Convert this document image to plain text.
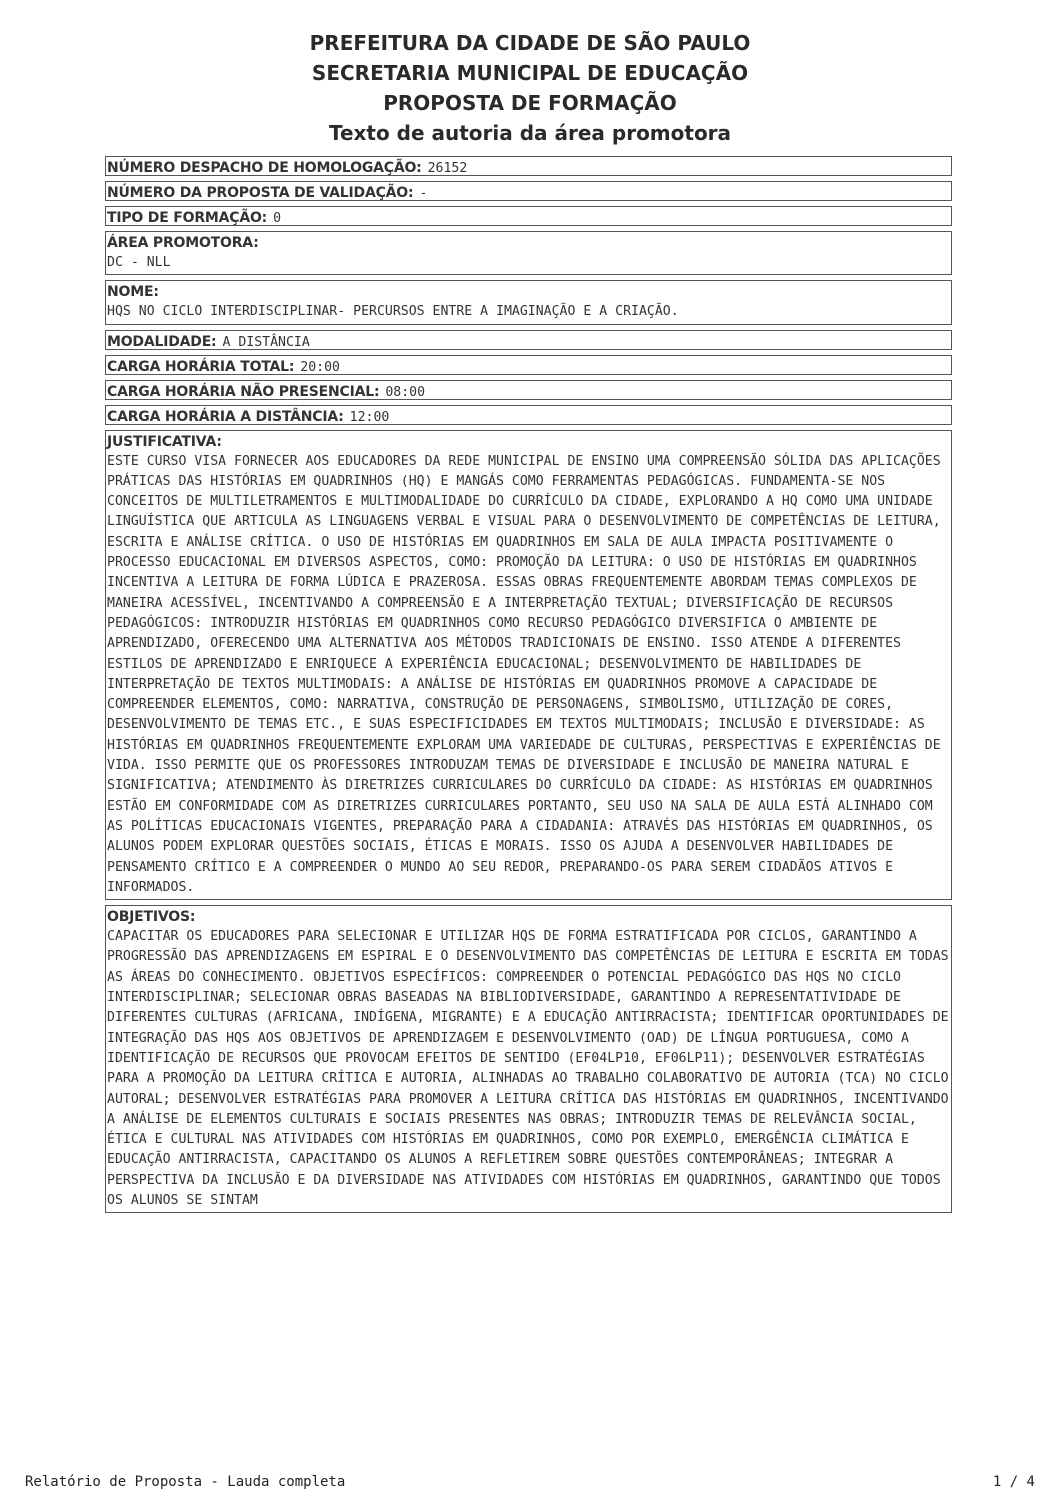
PREFEITURA DA CIDADE DE SÃO PAULO
SECRETARIA MUNICIPAL DE EDUCAÇÃO
PROPOSTA DE FORMAÇÃO
Texto de autoria da área promotora
NÚMERO DESPACHO DE HOMOLOGAÇÃO: 26152
NÚMERO DA PROPOSTA DE VALIDAÇÃO: -
TIPO DE FORMAÇÃO: 0
ÁREA PROMOTORA:
DC - NLL
NOME:
HQS NO CICLO INTERDISCIPLINAR- PERCURSOS ENTRE A IMAGINAÇÃO E A CRIAÇÃO.
MODALIDADE: A DISTÂNCIA
CARGA HORÁRIA TOTAL: 20:00
CARGA HORÁRIA NÃO PRESENCIAL: 08:00
CARGA HORÁRIA A DISTÂNCIA: 12:00
JUSTIFICATIVA:
ESTE CURSO VISA FORNECER AOS EDUCADORES DA REDE MUNICIPAL DE ENSINO UMA COMPREENSÃO SÓLIDA DAS APLICAÇÕES PRÁTICAS DAS HISTÓRIAS EM QUADRINHOS (HQ) E MANGÁS COMO FERRAMENTAS PEDAGÓGICAS. FUNDAMENTA-SE NOS CONCEITOS DE MULTILETRAMENTOS E MULTIMODALIDADE DO CURRÍCULO DA CIDADE, EXPLORANDO A HQ COMO UMA UNIDADE LINGUÍSTICA QUE ARTICULA AS LINGUAGENS VERBAL E VISUAL PARA O DESENVOLVIMENTO DE COMPETÊNCIAS DE LEITURA, ESCRITA E ANÁLISE CRÍTICA. O USO DE HISTÓRIAS EM QUADRINHOS EM SALA DE AULA IMPACTA POSITIVAMENTE O PROCESSO EDUCACIONAL EM DIVERSOS ASPECTOS, COMO: PROMOÇÃO DA LEITURA: O USO DE HISTÓRIAS EM QUADRINHOS INCENTIVA A LEITURA DE FORMA LÚDICA E PRAZEROSA. ESSAS OBRAS FREQUENTEMENTE ABORDAM TEMAS COMPLEXOS DE MANEIRA ACESSÍVEL, INCENTIVANDO A COMPREENSÃO E A INTERPRETAÇÃO TEXTUAL; DIVERSIFICAÇÃO DE RECURSOS PEDAGÓGICOS: INTRODUZIR HISTÓRIAS EM QUADRINHOS COMO RECURSO PEDAGÓGICO DIVERSIFICA O AMBIENTE DE APRENDIZADO, OFERECENDO UMA ALTERNATIVA AOS MÉTODOS TRADICIONAIS DE ENSINO. ISSO ATENDE A DIFERENTES ESTILOS DE APRENDIZADO E ENRIQUECE A EXPERIÊNCIA EDUCACIONAL; DESENVOLVIMENTO DE HABILIDADES DE INTERPRETAÇÃO DE TEXTOS MULTIMODAIS: A ANÁLISE DE HISTÓRIAS EM QUADRINHOS PROMOVE A CAPACIDADE DE COMPREENDER ELEMENTOS, COMO: NARRATIVA, CONSTRUÇÃO DE PERSONAGENS, SIMBOLISMO, UTILIZAÇÃO DE CORES, DESENVOLVIMENTO DE TEMAS ETC., E SUAS ESPECIFICIDADES EM TEXTOS MULTIMODAIS; INCLUSÃO E DIVERSIDADE: AS HISTÓRIAS EM QUADRINHOS FREQUENTEMENTE EXPLORAM UMA VARIEDADE DE CULTURAS, PERSPECTIVAS E EXPERIÊNCIAS DE VIDA. ISSO PERMITE QUE OS PROFESSORES INTRODUZAM TEMAS DE DIVERSIDADE E INCLUSÃO DE MANEIRA NATURAL E SIGNIFICATIVA; ATENDIMENTO ÀS DIRETRIZES CURRICULARES DO CURRÍCULO DA CIDADE: AS HISTÓRIAS EM QUADRINHOS ESTÃO EM CONFORMIDADE COM AS DIRETRIZES CURRICULARES PORTANTO, SEU USO NA SALA DE AULA ESTÁ ALINHADO COM AS POLÍTICAS EDUCACIONAIS VIGENTES, PREPARAÇÃO PARA A CIDADANIA: ATRAVÉS DAS HISTÓRIAS EM QUADRINHOS, OS ALUNOS PODEM EXPLORAR QUESTÕES SOCIAIS, ÉTICAS E MORAIS. ISSO OS AJUDA A DESENVOLVER HABILIDADES DE PENSAMENTO CRÍTICO E A COMPREENDER O MUNDO AO SEU REDOR, PREPARANDO-OS PARA SEREM CIDADÃOS ATIVOS E INFORMADOS.
OBJETIVOS:
CAPACITAR OS EDUCADORES PARA SELECIONAR E UTILIZAR HQS DE FORMA ESTRATIFICADA POR CICLOS, GARANTINDO A PROGRESSÃO DAS APRENDIZAGENS EM ESPIRAL E O DESENVOLVIMENTO DAS COMPETÊNCIAS DE LEITURA E ESCRITA EM TODAS AS ÁREAS DO CONHECIMENTO. OBJETIVOS ESPECÍFICOS: COMPREENDER O POTENCIAL PEDAGÓGICO DAS HQS NO CICLO INTERDISCIPLINAR; SELECIONAR OBRAS BASEADAS NA BIBLIODIVERSIDADE, GARANTINDO A REPRESENTATIVIDADE DE DIFERENTES CULTURAS (AFRICANA, INDÍGENA, MIGRANTE) E A EDUCAÇÃO ANTIRRACISTA; IDENTIFICAR OPORTUNIDADES DE INTEGRAÇÃO DAS HQS AOS OBJETIVOS DE APRENDIZAGEM E DESENVOLVIMENTO (OAD) DE LÍNGUA PORTUGUESA, COMO A IDENTIFICAÇÃO DE RECURSOS QUE PROVOCAM EFEITOS DE SENTIDO (EF04LP10, EF06LP11); DESENVOLVER ESTRATÉGIAS PARA A PROMOÇÃO DA LEITURA CRÍTICA E AUTORIA, ALINHADAS AO TRABALHO COLABORATIVO DE AUTORIA (TCA) NO CICLO AUTORAL; DESENVOLVER ESTRATÉGIAS PARA PROMOVER A LEITURA CRÍTICA DAS HISTÓRIAS EM QUADRINHOS, INCENTIVANDO A ANÁLISE DE ELEMENTOS CULTURAIS E SOCIAIS PRESENTES NAS OBRAS; INTRODUZIR TEMAS DE RELEVÂNCIA SOCIAL, ÉTICA E CULTURAL NAS ATIVIDADES COM HISTÓRIAS EM QUADRINHOS, COMO POR EXEMPLO, EMERGÊNCIA CLIMÁTICA E EDUCAÇÃO ANTIRRACISTA, CAPACITANDO OS ALUNOS A REFLETIREM SOBRE QUESTÕES CONTEMPORÂNEAS; INTEGRAR A PERSPECTIVA DA INCLUSÃO E DA DIVERSIDADE NAS ATIVIDADES COM HISTÓRIAS EM QUADRINHOS, GARANTINDO QUE TODOS OS ALUNOS SE SINTAM
Relatório de Proposta - Lauda completa	1 / 4
